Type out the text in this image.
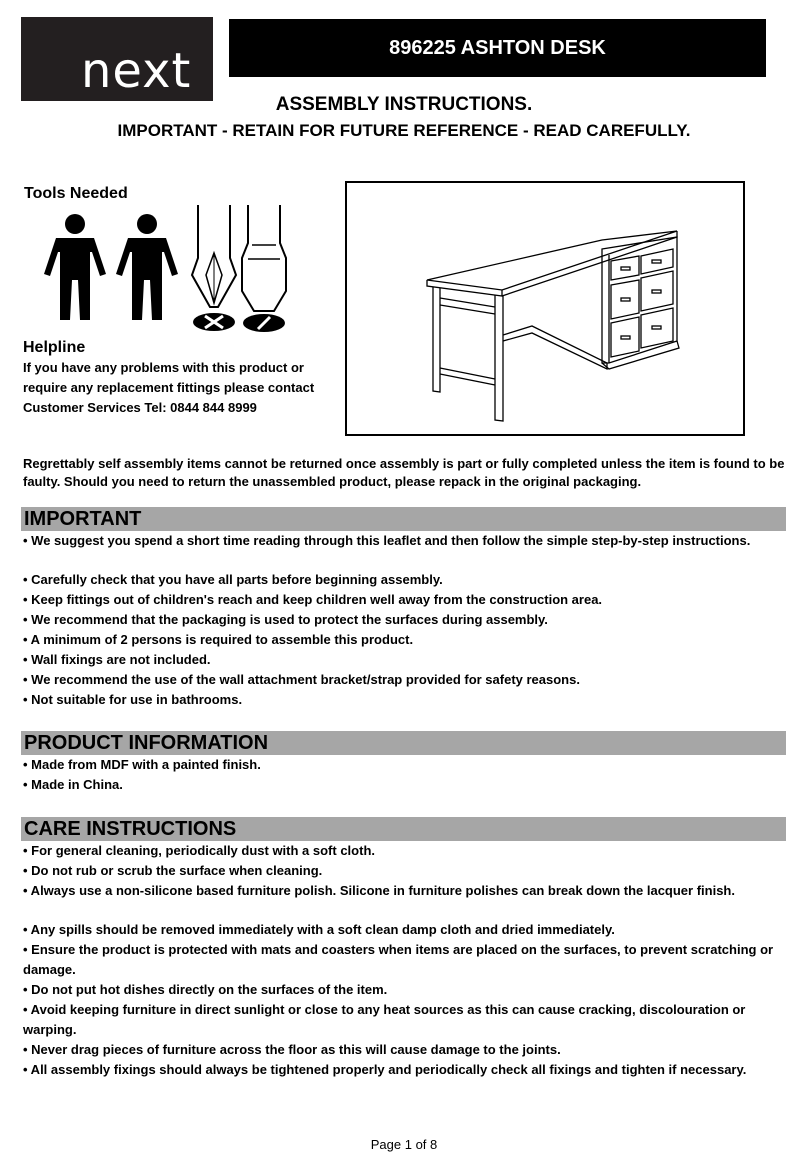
next	896225 ASHTON DESK
ASSEMBLY INSTRUCTIONS.
IMPORTANT - RETAIN FOR FUTURE REFERENCE - READ CAREFULLY.
Tools Needed
Helpline
If you have any problems with this product or require any replacement fittings please contact Customer Services Tel: 0844 844 8999
Regrettably self assembly items cannot be returned once assembly is part or fully completed unless the item is found to be faulty. Should you need to return the unassembled product, please repack in the original packaging.
IMPORTANT
• We suggest you spend a short time reading through this leaflet and then follow the simple step-by-step instructions.
• Carefully check that you have all parts before beginning assembly.
• Keep fittings out of children's reach and keep children well away from the construction area.
• We recommend that the packaging is used to protect the surfaces during assembly.
• A minimum of 2 persons is required to assemble this product.
• Wall fixings are not included.
• We recommend the use of the wall attachment bracket/strap provided for safety reasons.
• Not suitable for use in bathrooms.
PRODUCT INFORMATION
• Made from MDF with a painted finish.
• Made in China.
CARE INSTRUCTIONS
• For general cleaning, periodically dust with a soft cloth.
• Do not rub or scrub the surface when cleaning.
• Always use a non-silicone based furniture polish. Silicone in furniture polishes can break down the lacquer finish.
• Any spills should be removed immediately with a soft clean damp cloth and dried immediately.
• Ensure the product is protected with mats and coasters when items are placed on the surfaces, to prevent scratching or damage.
• Do not put hot dishes directly on the surfaces of the item.
• Avoid keeping furniture in direct sunlight or close to any heat sources as this can cause cracking, discolouration or warping.
• Never drag pieces of furniture across the floor as this will cause damage to the joints.
• All assembly fixings should always be tightened properly and periodically check all fixings and tighten if necessary.
Page 1 of 8
